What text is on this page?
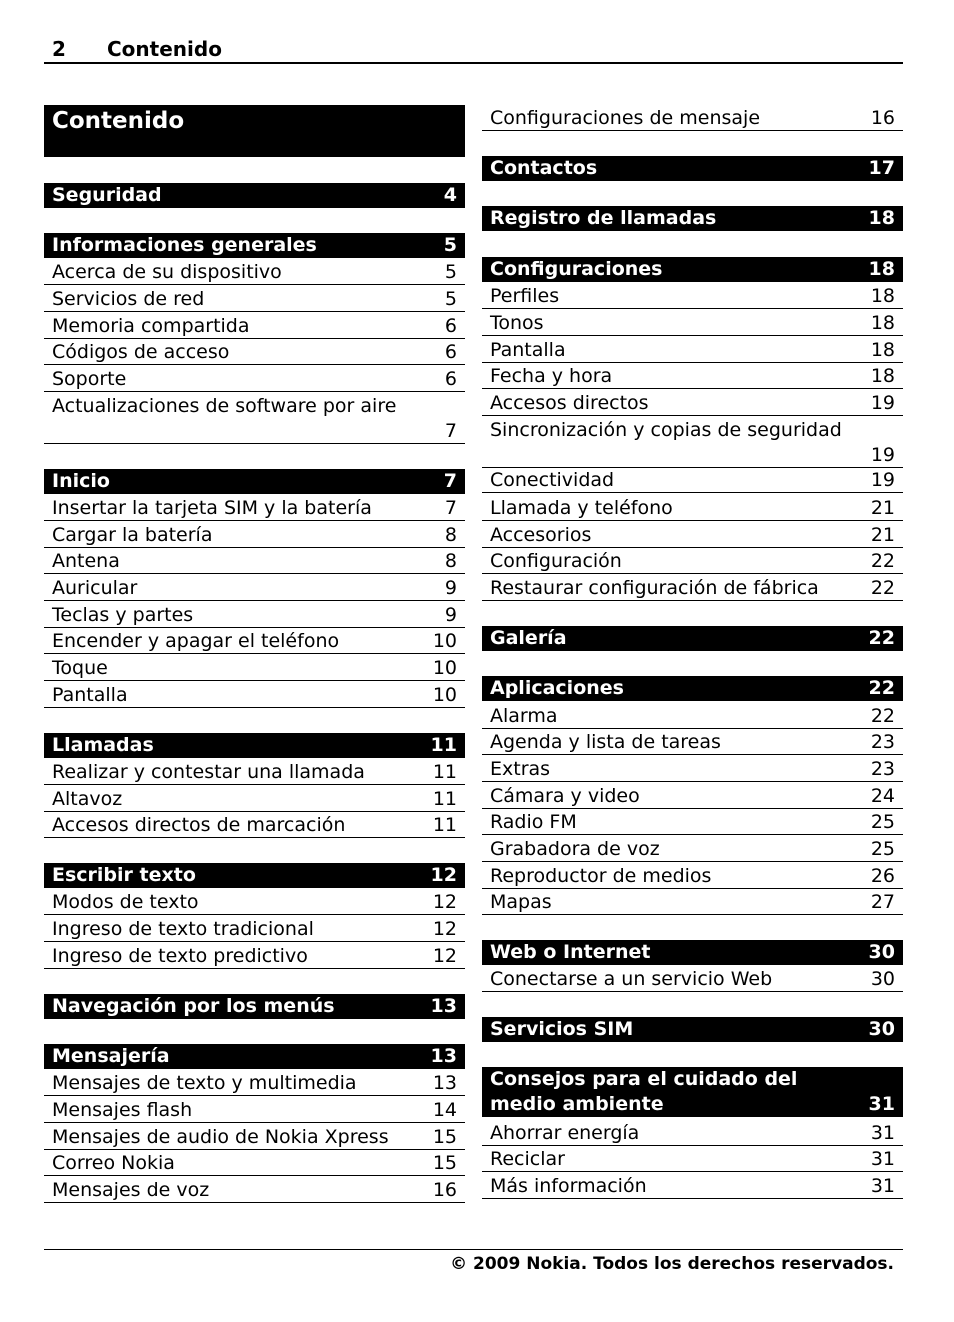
2 Contenido
Contenido
Seguridad	4
Informaciones generales	5
Acerca de su dispositivo	5
Servicios de red	5
Memoria compartida	6
Códigos de acceso	6
Soporte	6
Actualizaciones de software por aire
7
Inicio	7
Insertar la tarjeta SIM y la batería	7
Cargar la batería	8
Antena	8
Auricular	9
Teclas y partes	9
Encender y apagar el teléfono	10
Toque	10
Pantalla	10
Llamadas	11
Realizar y contestar una llamada	11
Altavoz	11
Accesos directos de marcación	11
Escribir texto	12
Modos de texto	12
Ingreso de texto tradicional	12
Ingreso de texto predictivo	12
Navegación por los menús	13
Mensajería	13
Mensajes de texto y multimedia	13
Mensajes flash	14
Mensajes de audio de Nokia Xpress	15
Correo Nokia	15
Mensajes de voz	16
Configuraciones de mensaje	16
Contactos	17
Registro de llamadas	18
Configuraciones	18
Perfiles	18
Tonos	18
Pantalla	18
Fecha y hora	18
Accesos directos	19
Sincronización y copias de seguridad
19
Conectividad	19
Llamada y teléfono	21
Accesorios	21
Configuración	22
Restaurar configuración de fábrica	22
Galería	22
Aplicaciones	22
Alarma	22
Agenda y lista de tareas	23
Extras	23
Cámara y video	24
Radio FM	25
Grabadora de voz	25
Reproductor de medios	26
Mapas	27
Web o Internet	30
Conectarse a un servicio Web	30
Servicios SIM	30
Consejos para el cuidado del medio ambiente	31
Ahorrar energía	31
Reciclar	31
Más información	31
© 2009 Nokia. Todos los derechos reservados.
